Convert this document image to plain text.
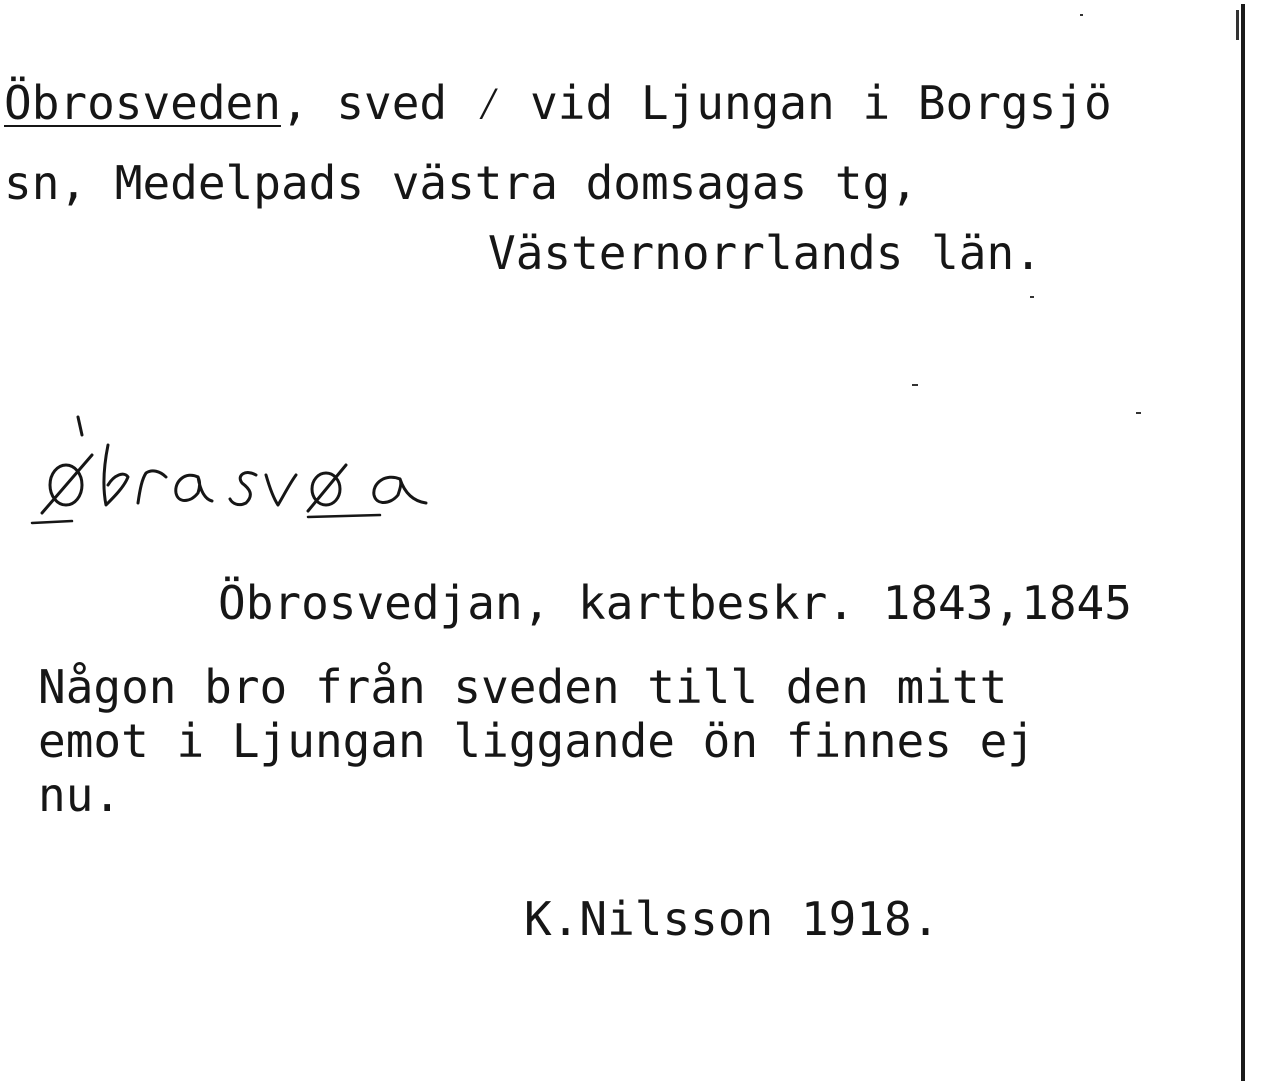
Öbrosveden, sved ⁄ vid Ljungan i Borgsjö
sn, Medelpads västra domsagas tg,
Västernorrlands län.
Öbrosvedjan, kartbeskr. 1843,1845
Någon bro från sveden till den mitt
emot i Ljungan liggande ön finnes ej
nu.
K.Nilsson 1918.
